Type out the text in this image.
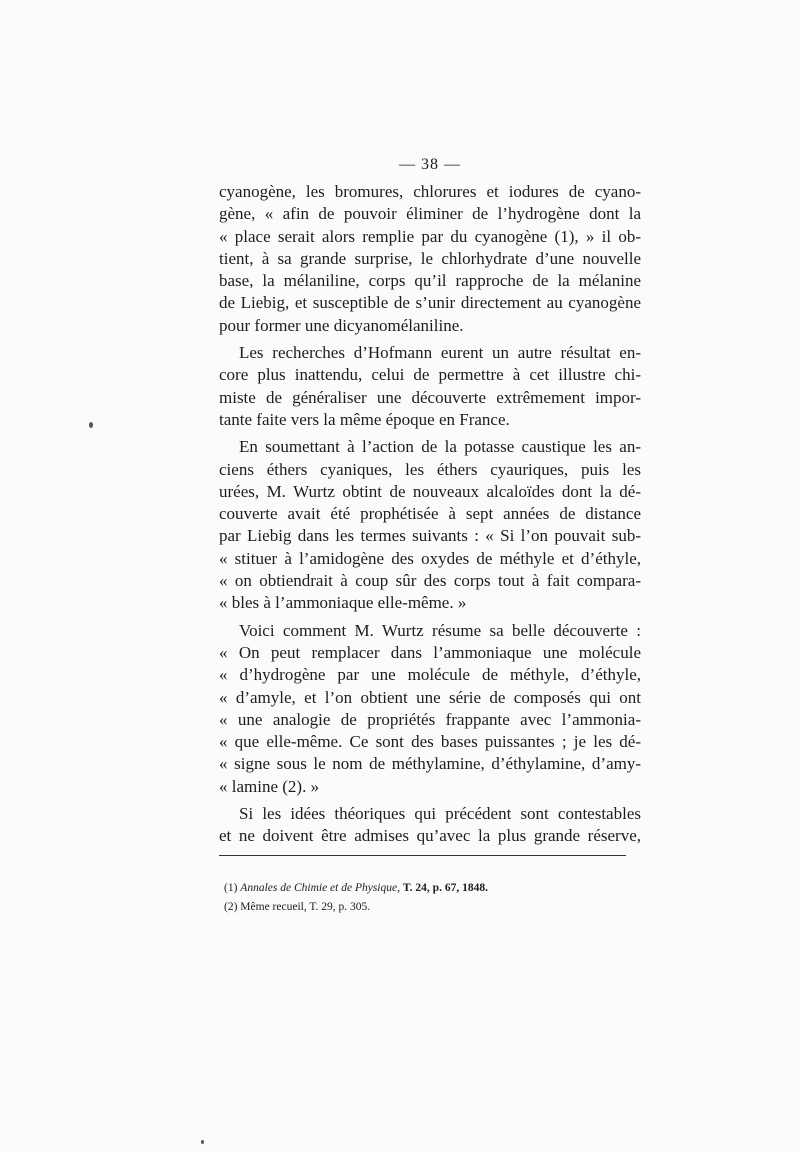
— 38 —
cyanogène, les bromures, chlorures et iodures de cyano-
gène, « afin de pouvoir éliminer de l’hydrogène dont la
« place serait alors remplie par du cyanogène (1), » il ob-
tient, à sa grande surprise, le chlorhydrate d’une nouvelle
base, la mélaniline, corps qu’il rapproche de la mélanine
de Liebig, et susceptible de s’unir directement au cyanogène
pour former une dicyanomélaniline.
Les recherches d’Hofmann eurent un autre résultat en-
core plus inattendu, celui de permettre à cet illustre chi-
miste de généraliser une découverte extrêmement impor-
tante faite vers la même époque en France.
En soumettant à l’action de la potasse caustique les an-
ciens éthers cyaniques, les éthers cyauriques, puis les
urées, M. Wurtz obtint de nouveaux alcaloïdes dont la dé-
couverte avait été prophétisée à sept années de distance
par Liebig dans les termes suivants : « Si l’on pouvait sub-
« stituer à l’amidogène des oxydes de méthyle et d’éthyle,
« on obtiendrait à coup sûr des corps tout à fait compara-
« bles à l’ammoniaque elle-même. »
Voici comment M. Wurtz résume sa belle découverte :
« On peut remplacer dans l’ammoniaque une molécule
« d’hydrogène par une molécule de méthyle, d’éthyle,
« d’amyle, et l’on obtient une série de composés qui ont
« une analogie de propriétés frappante avec l’ammonia-
« que elle-même. Ce sont des bases puissantes ; je les dé-
« signe sous le nom de méthylamine, d’éthylamine, d’amy-
« lamine (2). »
Si les idées théoriques qui précédent sont contestables
et ne doivent être admises qu’avec la plus grande réserve,
(1) Annales de Chimie et de Physique, T. 24, p. 67, 1848.
(2) Même recueil, T. 29, p. 305.
